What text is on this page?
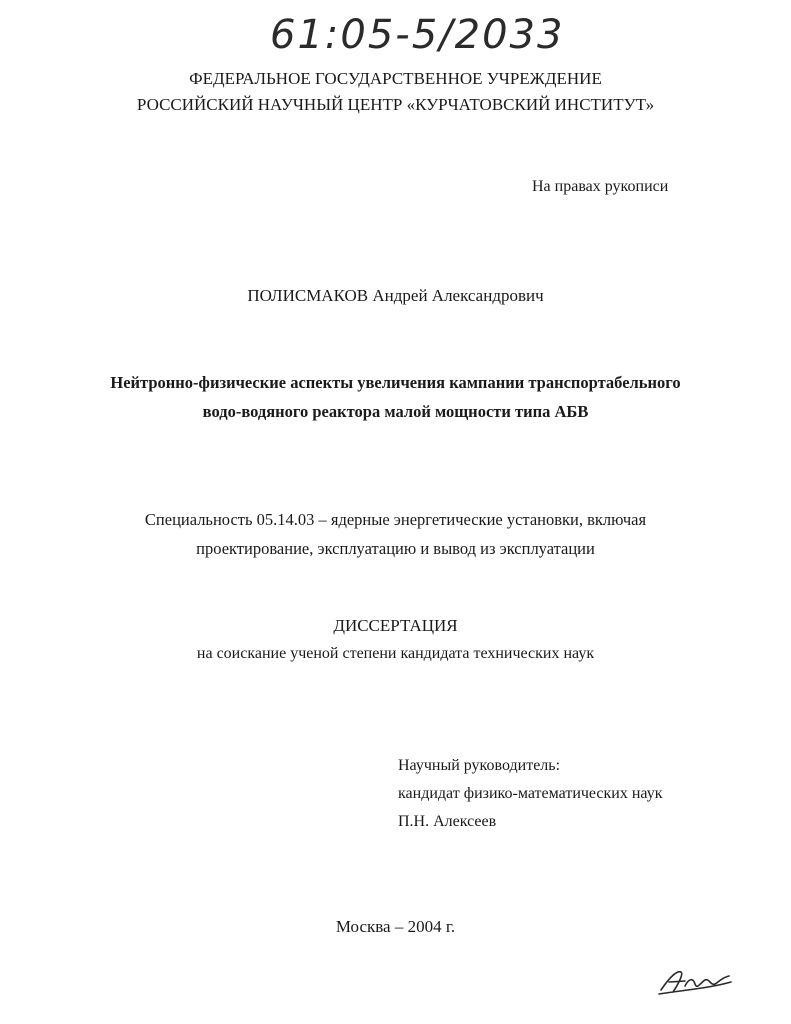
61:05-5/2033
ФЕДЕРАЛЬНОЕ ГОСУДАРСТВЕННОЕ УЧРЕЖДЕНИЕ
РОССИЙСКИЙ НАУЧНЫЙ ЦЕНТР «КУРЧАТОВСКИЙ ИНСТИТУТ»
На правах рукописи
ПОЛИСМАКОВ Андрей Александрович
Нейтронно-физические аспекты увеличения кампании транспортабельного
водо-водяного реактора малой мощности типа АБВ
Специальность 05.14.03 – ядерные энергетические установки, включая
проектирование, эксплуатацию и вывод из эксплуатации
ДИССЕРТАЦИЯ
на соискание ученой степени кандидата технических наук
Научный руководитель:
кандидат физико-математических наук
П.Н. Алексеев
Москва – 2004 г.
